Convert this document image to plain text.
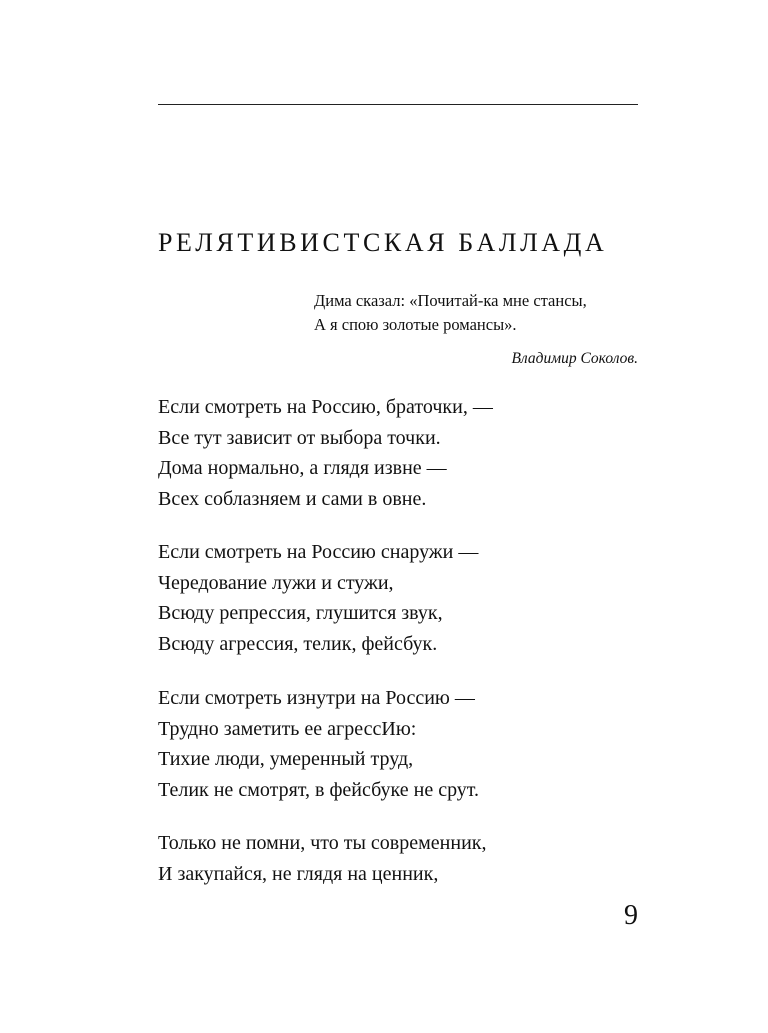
РЕЛЯТИВИСТСКАЯ БАЛЛАДА
Дима сказал: «Почитай-ка мне стансы,
А я спою золотые романсы».
Владимир Соколов.
Если смотреть на Россию, браточки, —
Все тут зависит от выбора точки.
Дома нормально, а глядя извне —
Всех соблазняем и сами в овне.
Если смотреть на Россию снаружи —
Чередование лужи и стужи,
Всюду репрессия, глушится звук,
Всюду агрессия, телик, фейсбук.
Если смотреть изнутри на Россию —
Трудно заметить ее агрессИю:
Тихие люди, умеренный труд,
Телик не смотрят, в фейсбуке не срут.
Только не помни, что ты современник,
И закупайся, не глядя на ценник,
9
